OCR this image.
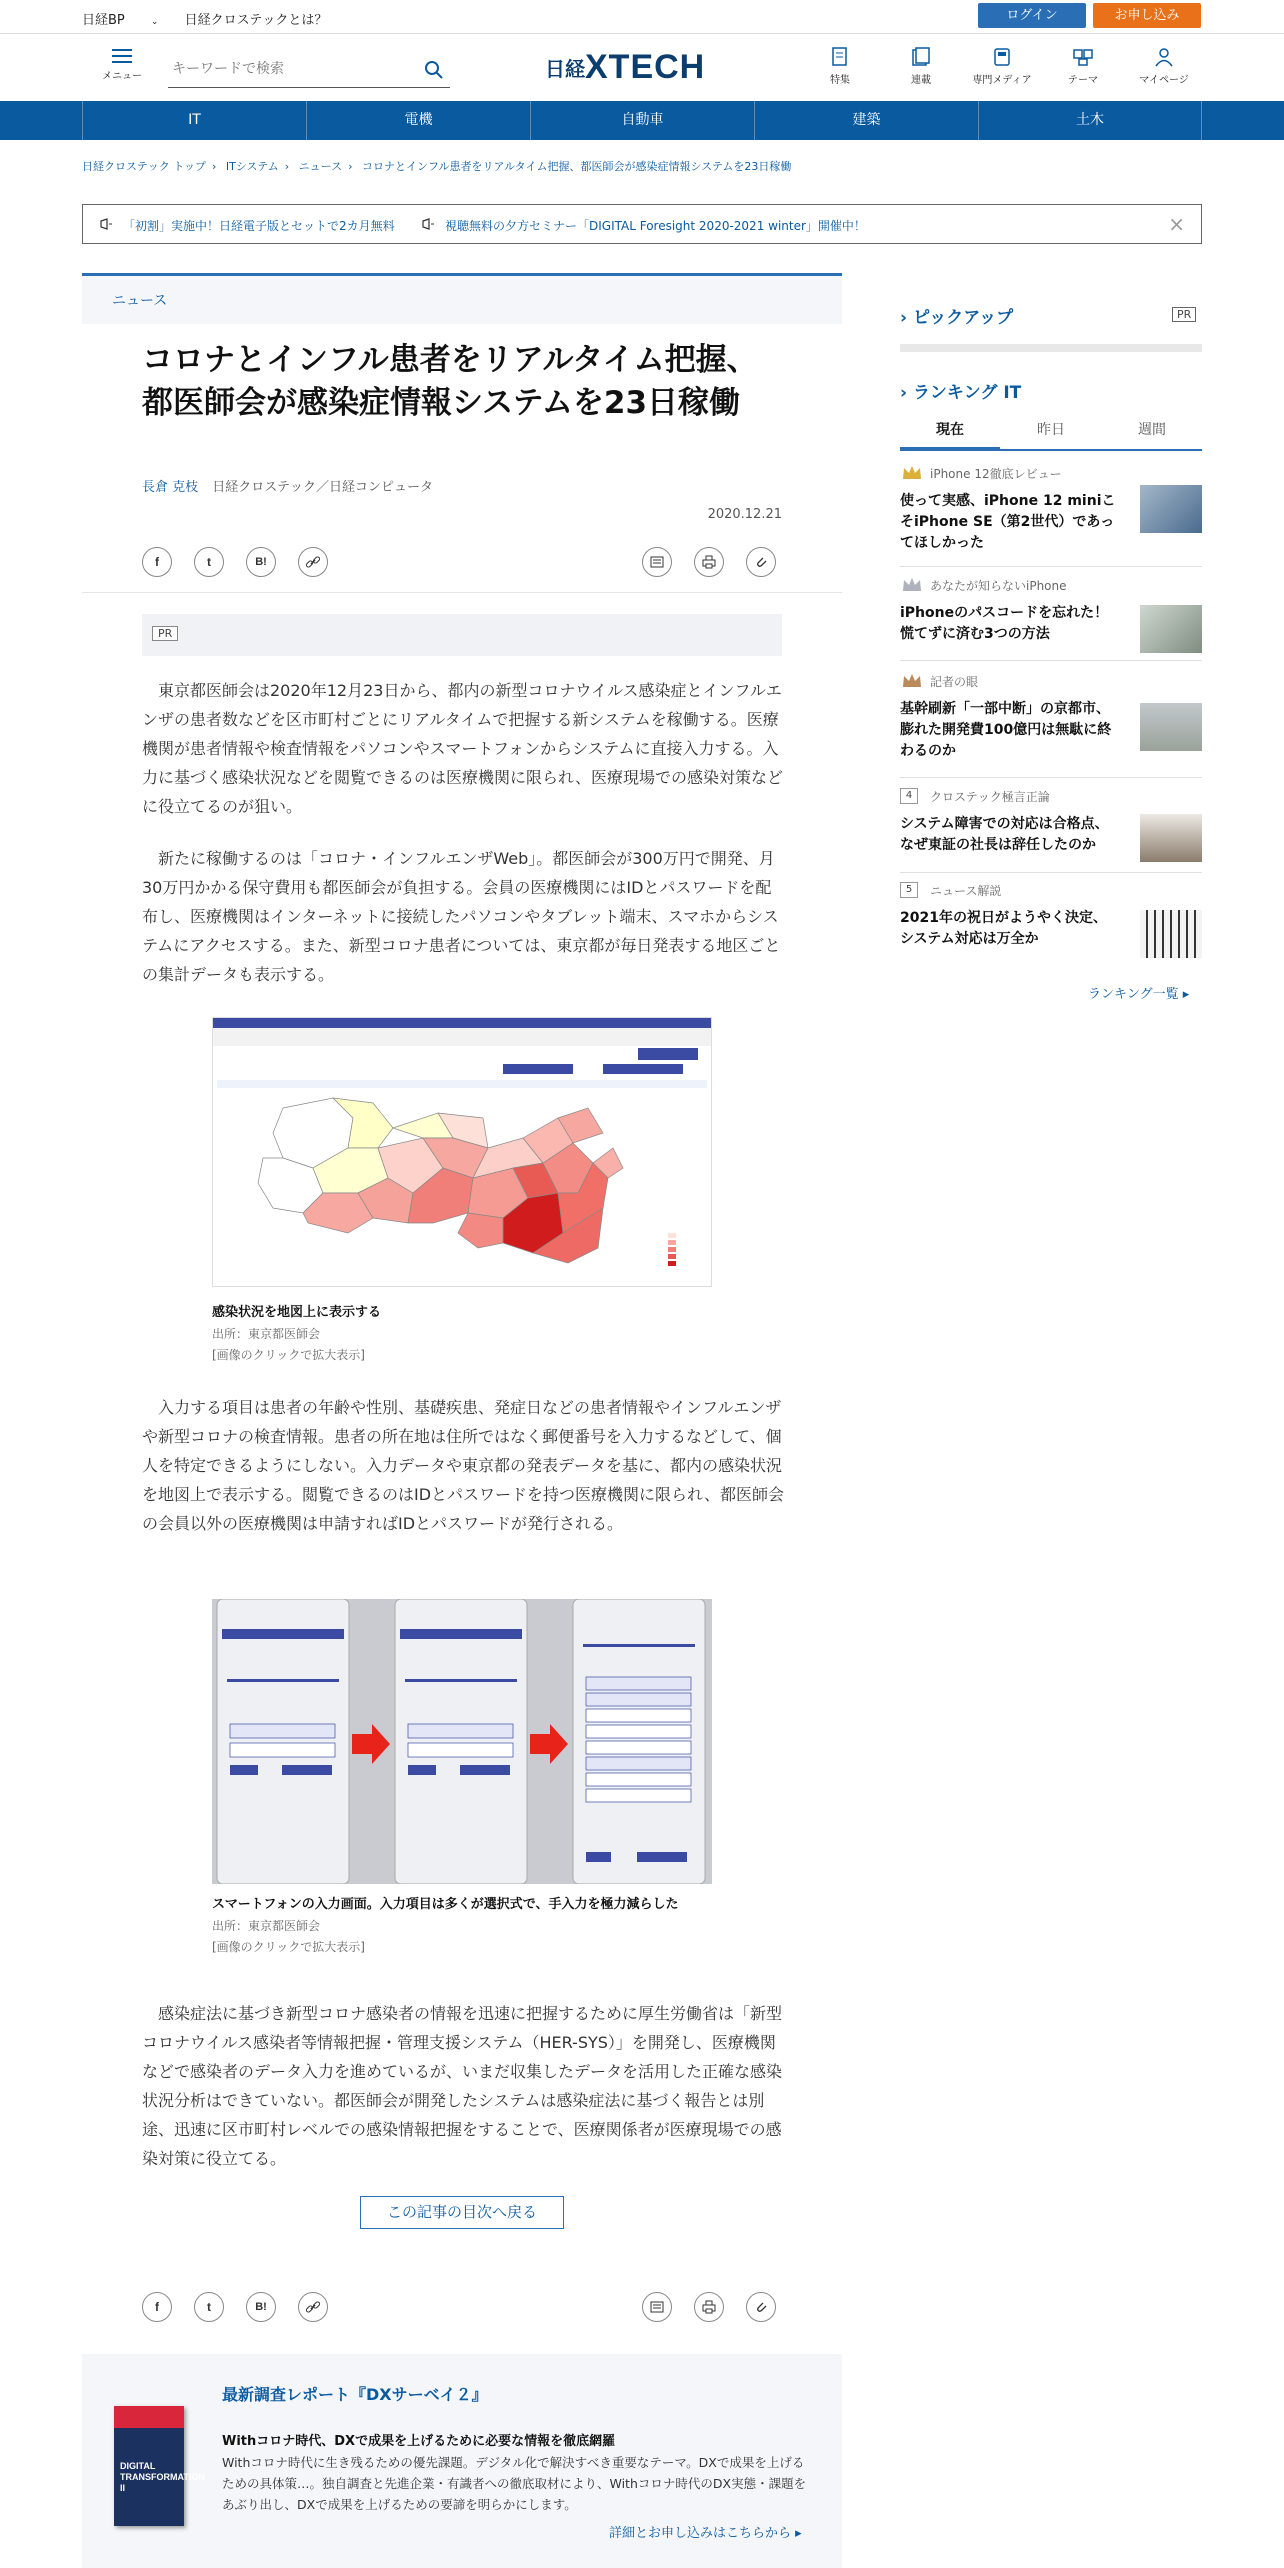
日経BP	⌄ 日経クロステックとは？	ログイン	お申し込み
メニュー
キーワードで検索	日経XTECH	特集	連載	専門メディア	テーマ	マイページ
IT	電機	自動車	建築	土木
日経クロステック トップ › ITシステム › ニュース › コロナとインフル患者をリアルタイム把握、都医師会が感染症情報システムを23日稼働
「初割」実施中！日経電子版とセットで2カ月無料	視聴無料の夕方セミナー「DIGITAL Foresight 2020-2021 winter」開催中！	×
ニュース
コロナとインフル患者をリアルタイム把握、都医師会が感染症情報システムを23日稼働
長倉 克枝 日経クロステック／日経コンピュータ
2020.12.21
f	t	B!
PR

東京都医師会は2020年12月23日から、都内の新型コロナウイルス感染症とインフルエンザの患者数などを区市町村ごとにリアルタイムで把握する新システムを稼働する。医療機関が患者情報や検査情報をパソコンやスマートフォンからシステムに直接入力する。入力に基づく感染状況などを閲覧できるのは医療機関に限られ、医療現場での感染対策などに役立てるのが狙い。

新たに稼働するのは「コロナ・インフルエンザWeb」。都医師会が300万円で開発、月30万円かかる保守費用も都医師会が負担する。会員の医療機関にはIDとパスワードを配布し、医療機関はインターネットに接続したパソコンやタブレット端末、スマホからシステムにアクセスする。また、新型コロナ患者については、東京都が毎日発表する地区ごとの集計データも表示する。

感染状況を地図上に表示する
出所：東京都医師会
[画像のクリックで拡大表示]

入力する項目は患者の年齢や性別、基礎疾患、発症日などの患者情報やインフルエンザや新型コロナの検査情報。患者の所在地は住所ではなく郵便番号を入力するなどして、個人を特定できるようにしない。入力データや東京都の発表データを基に、都内の感染状況を地図上で表示する。閲覧できるのはIDとパスワードを持つ医療機関に限られ、都医師会の会員以外の医療機関は申請すればIDとパスワードが発行される。

スマートフォンの入力画面。入力項目は多くが選択式で、手入力を極力減らした
出所：東京都医師会
[画像のクリックで拡大表示]

感染症法に基づき新型コロナ感染者の情報を迅速に把握するために厚生労働省は「新型コロナウイルス感染者等情報把握・管理支援システム（HER-SYS）」を開発し、医療機関などで感染者のデータ入力を進めているが、いまだ収集したデータを活用した正確な感染状況分析はできていない。都医師会が開発したシステムは感染症法に基づく報告とは別途、迅速に区市町村レベルでの感染情報把握をすることで、医療関係者が医療現場での感染対策に役立てる。

この記事の目次へ戻る
f	t	B!
DIGITAL TRANSFORMATION II
最新調査レポート『DXサーベイ２』
Withコロナ時代、DXで成果を上げるために必要な情報を徹底網羅
Withコロナ時代に生き残るための優先課題。デジタル化で解決すべき重要なテーマ。DXで成果を上げるための具体策…。独自調査と先進企業・有識者への徹底取材により、Withコロナ時代のDX実態・課題をあぶり出し、DXで成果を上げるための要諦を明らかにします。
詳細とお申し込みはこちらから ▸
› ピックアップ	PR
› ランキング IT
現在	昨日	週間
iPhone 12徹底レビュー
使って実感、iPhone 12 miniこそiPhone SE（第2世代）であってほしかった
あなたが知らないiPhone
iPhoneのパスコードを忘れた！慌てずに済む3つの方法
記者の眼
基幹刷新「一部中断」の京都市、膨れた開発費100億円は無駄に終わるのか
4	クロステック極言正論
システム障害での対応は合格点、なぜ東証の社長は辞任したのか
5	ニュース解説
2021年の祝日がようやく決定、システム対応は万全か
ランキング一覧 ▸
